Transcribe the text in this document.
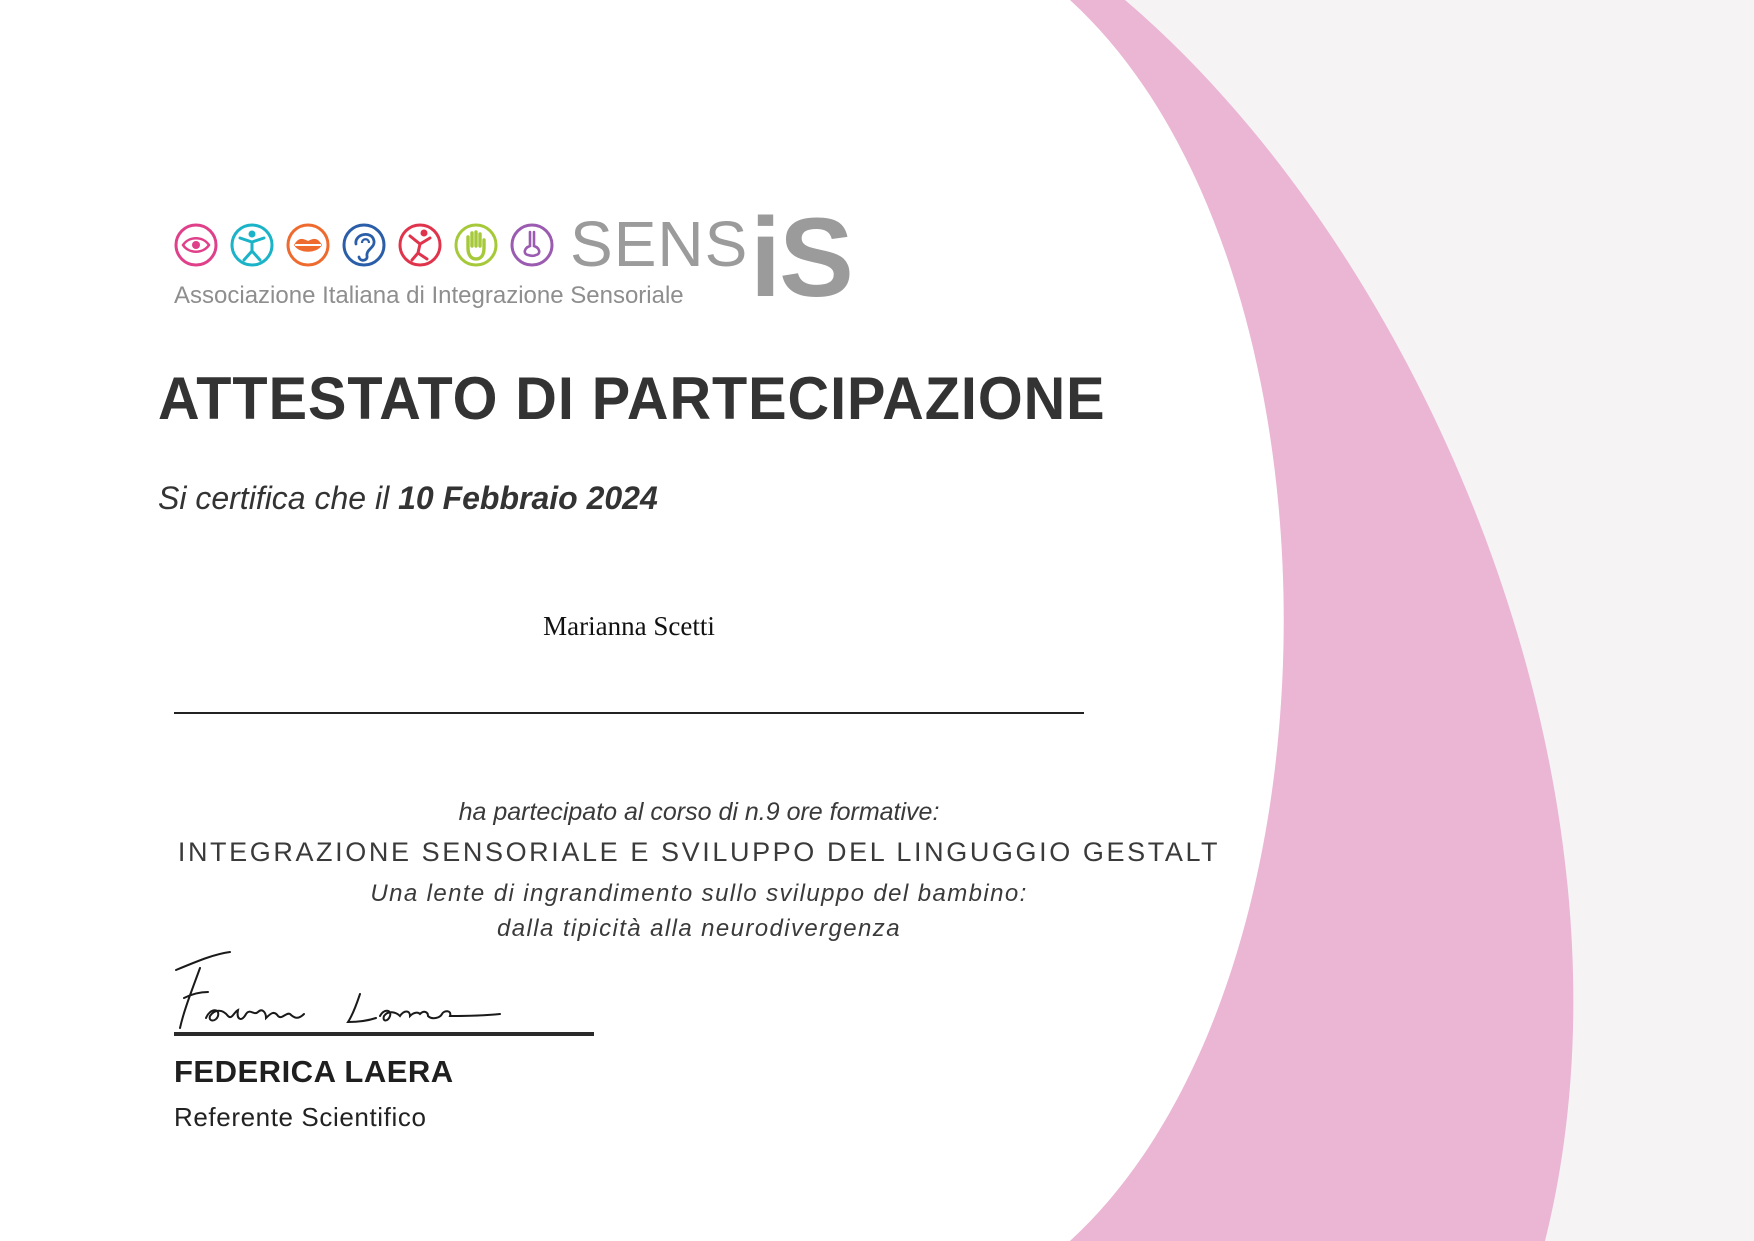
SENS iS
Associazione Italiana di Integrazione Sensoriale
ATTESTATO DI PARTECIPAZIONE
Si certifica che il 10 Febbraio 2024
Marianna Scetti
ha partecipato al corso di n.9 ore formative:
INTEGRAZIONE SENSORIALE E SVILUPPO DEL LINGUGGIO GESTALT
Una lente di ingrandimento sullo sviluppo del bambino:
dalla tipicità alla neurodivergenza
FEDERICA LAERA
Referente Scientifico
